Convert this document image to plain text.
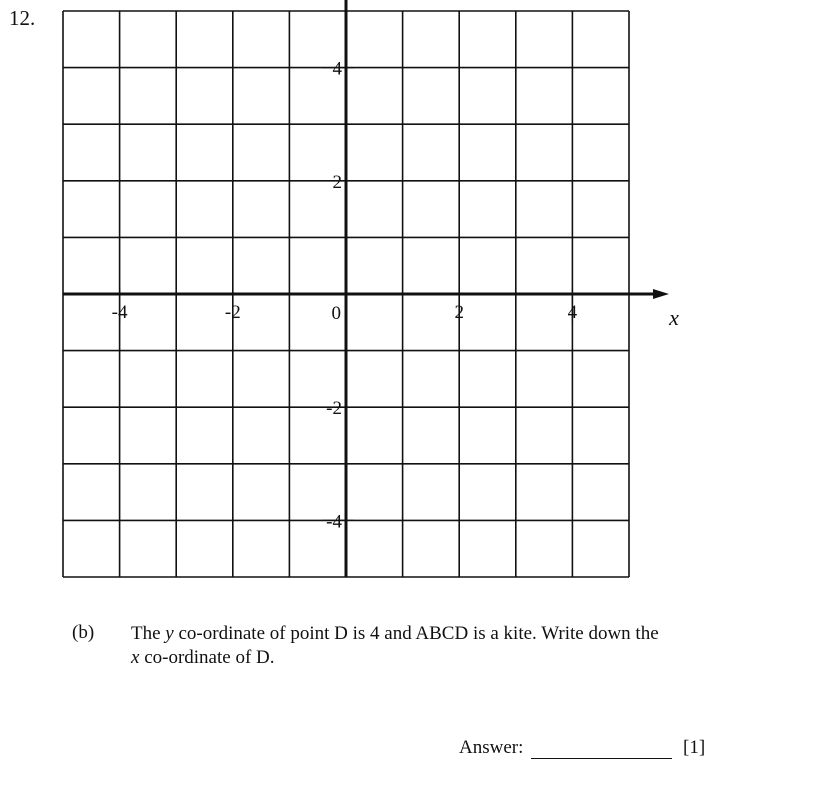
12.
-4	-2	2	4
4
2
-2
-4
0	x
(b) The y co-ordinate of point D is 4 and ABCD is a kite. Write down the
x co-ordinate of D.
Answer:	[1]
